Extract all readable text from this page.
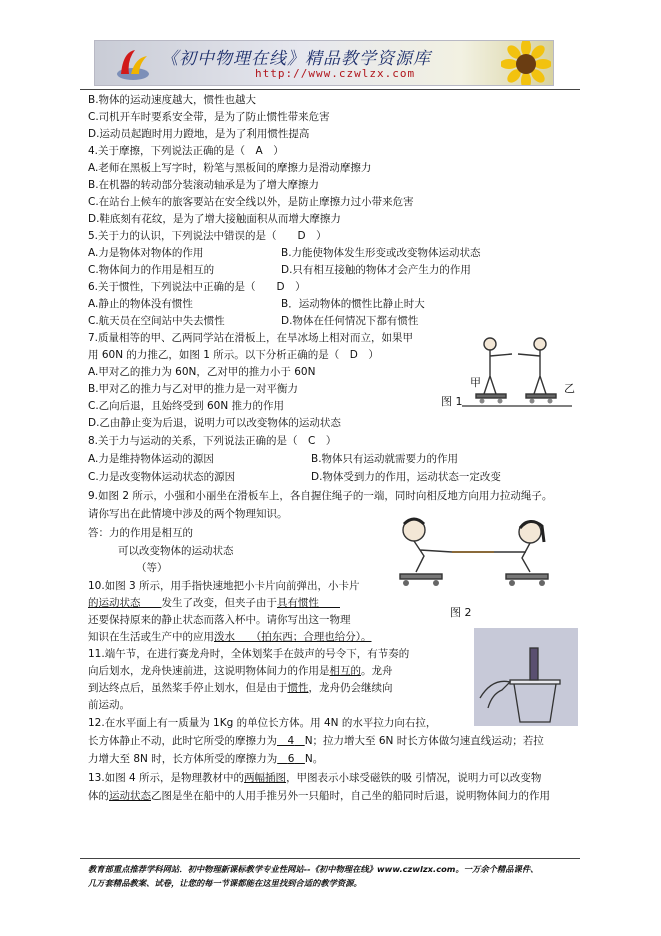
《初中物理在线》精品教学资源库
http://www.czwlzx.com
B.物体的运动速度越大，惯性也越大
C.司机开车时要系安全带，是为了防止惯性带来危害
D.运动员起跑时用力蹬地，是为了利用惯性提高
4.关于摩擦，下列说法正确的是（　A　）
A.老师在黑板上写字时，粉笔与黑板间的摩擦力是滑动摩擦力
B.在机器的转动部分装滚动轴承是为了增大摩擦力
C.在站台上候车的旅客要站在安全线以外，是防止摩擦力过小带来危害
D.鞋底刻有花纹，是为了增大接触面积从而增大摩擦力
5.关于力的认识，下列说法中错误的是（　　D　）
A.力是物体对物体的作用	B.力能使物体发生形变或改变物体运动状态
C.物体间力的作用是相互的	D.只有相互接触的物体才会产生力的作用
6.关于惯性，下列说法中正确的是（　　D　）
A.静止的物体没有惯性	B．运动物体的惯性比静止时大
C.航天员在空间站中失去惯性	D.物体在任何情况下都有惯性
7.质量相等的甲、乙两同学站在滑板上，在旱冰场上相对而立，如果甲
用 60N 的力推乙，如图 1 所示。以下分析正确的是（　D　）
A.甲对乙的推力为 60N，乙对甲的推力小于 60N
B.甲对乙的推力与乙对甲的推力是一对平衡力
C.乙向后退，且始终受到 60N 推力的作用
D.乙由静止变为后退，说明力可以改变物体的运动状态
8.关于力与运动的关系，下列说法正确的是（　C　）
A.力是维持物体运动的源因	B.物体只有运动就需要力的作用
C.力是改变物体运动状态的源因	D.物体受到力的作用，运动状态一定改变
9.如图 2 所示，小强和小丽坐在滑板车上，各自握住绳子的一端，同时向相反地方向用力拉动绳子。
请你写出在此情境中涉及的两个物理知识。
答：力的作用是相互的
可以改变物体的运动状态
（等）
10.如图 3 所示，用手指快速地把小卡片向前弹出，小卡片
的运动状态　　 发生了改变，但夹子由于具有惯性　　
还要保持原来的静止状态而落入杯中。请你写出这一物理
知识在生活或生产中的应用泼水　　 （拍东西；合理也给分）。
11.端午节，在进行赛龙舟时，全体划桨手在鼓声的号令下，有节奏的
向后划水，龙舟快速前进，这说明物体间力的作用是相互的。龙舟
到达终点后，虽然桨手停止划水，但是由于惯性，龙舟仍会继续向
前运动。
12.在水平面上有一质量为 1Kg 的单位长方体。用 4N 的水平拉力向右拉，
长方体静止不动，此时它所受的摩擦力为　 4　 N；拉力增大至 6N 时长方体做匀速直线运动；若拉
力增大至 8N 时，长方体所受的摩擦力为　 6　 N。
13.如图 4 所示，是物理教材中的两幅插图，甲图表示小球受磁铁的吸 引情况，说明力可以改变物
体的运动状态乙图是坐在船中的人用手推另外一只船时，自己坐的船同时后退，说明物体间力的作用
甲	乙
图 1
图 2
教育部重点推荐学科网站．初中物理新课标教学专业性网站--《初中物理在线》www.czwlzx.com。一万余个精品课件、
几万套精品教案、试卷，让您的每一节课都能在这里找到合适的教学资源。
